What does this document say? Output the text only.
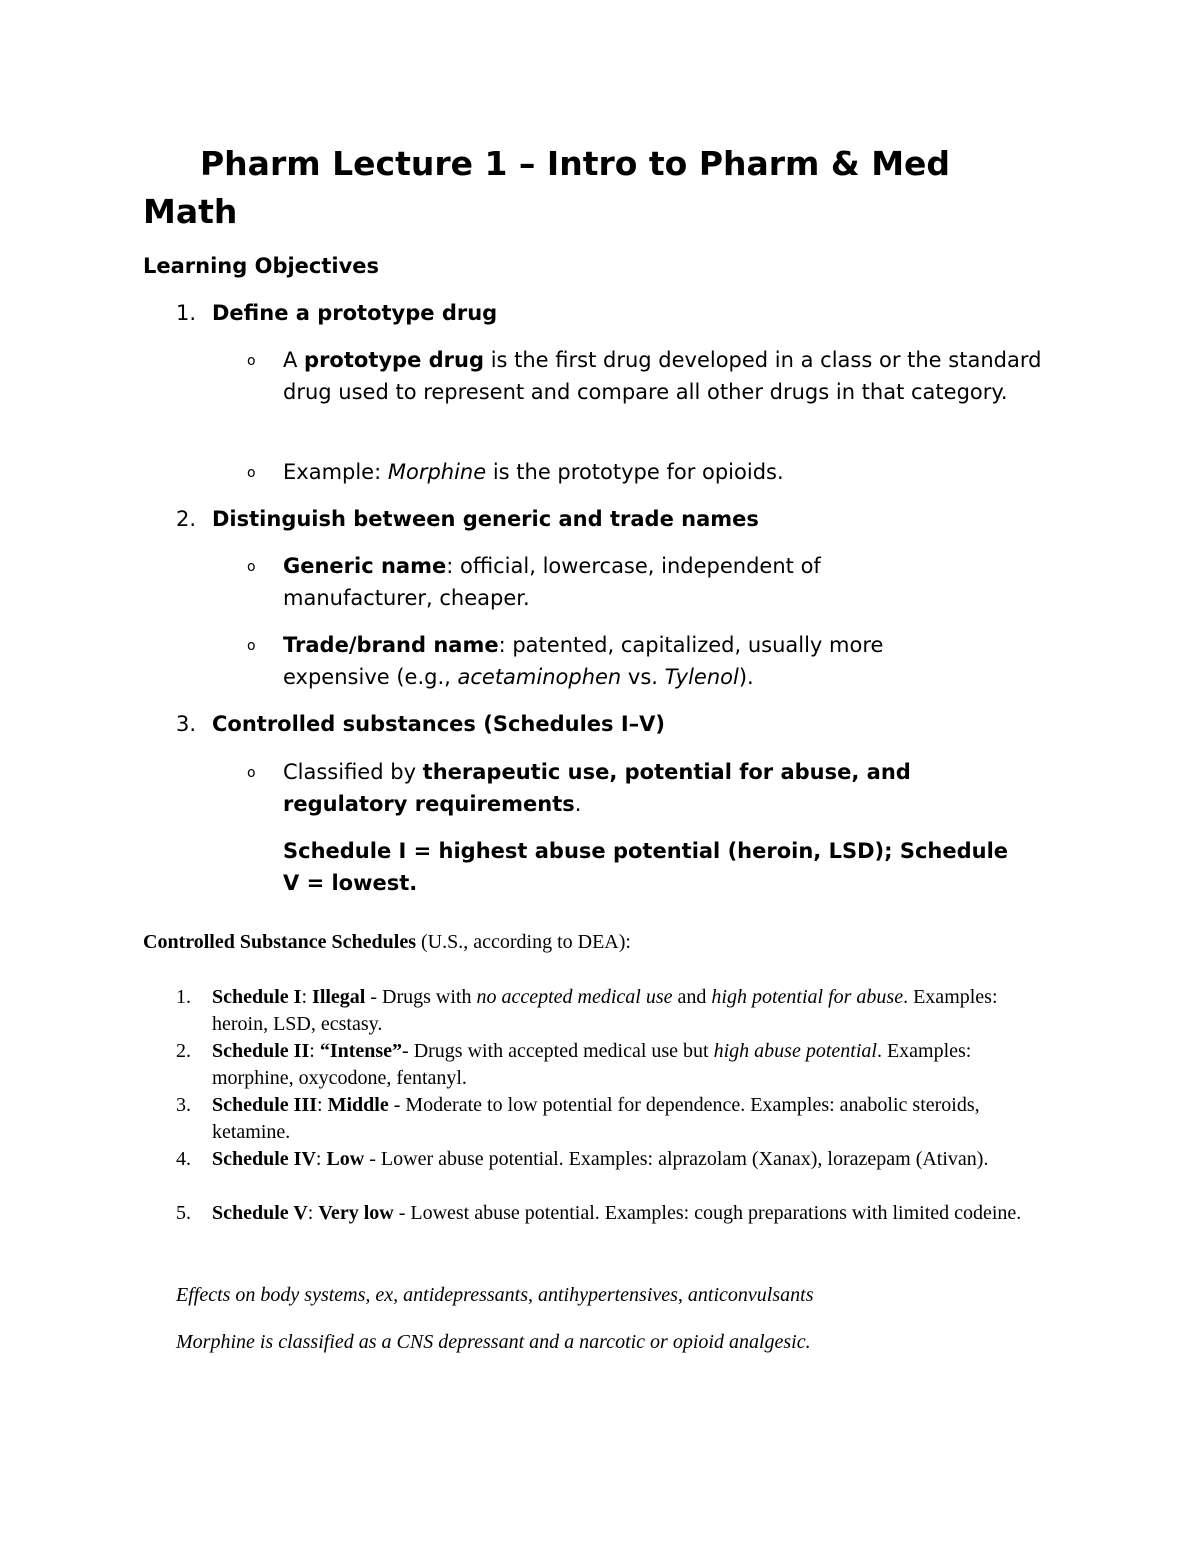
Pharm Lecture 1 – Intro to Pharm & Med Math
Learning Objectives
1. Define a prototype drug
o A prototype drug is the first drug developed in a class or the standard drug used to represent and compare all other drugs in that category.
o Example: Morphine is the prototype for opioids.
2. Distinguish between generic and trade names
o Generic name: official, lowercase, independent of manufacturer, cheaper.
o Trade/brand name: patented, capitalized, usually more expensive (e.g., acetaminophen vs. Tylenol).
3. Controlled substances (Schedules I–V)
o Classified by therapeutic use, potential for abuse, and regulatory requirements.
Schedule I = highest abuse potential (heroin, LSD); Schedule V = lowest.
Controlled Substance Schedules (U.S., according to DEA):
1. Schedule I: Illegal - Drugs with no accepted medical use and high potential for abuse. Examples: heroin, LSD, ecstasy.
2. Schedule II: “Intense”- Drugs with accepted medical use but high abuse potential. Examples: morphine, oxycodone, fentanyl.
3. Schedule III: Middle - Moderate to low potential for dependence. Examples: anabolic steroids, ketamine.
4. Schedule IV: Low - Lower abuse potential. Examples: alprazolam (Xanax), lorazepam (Ativan).
5. Schedule V: Very low - Lowest abuse potential. Examples: cough preparations with limited codeine.
Effects on body systems, ex, antidepressants, antihypertensives, anticonvulsants
Morphine is classified as a CNS depressant and a narcotic or opioid analgesic.
